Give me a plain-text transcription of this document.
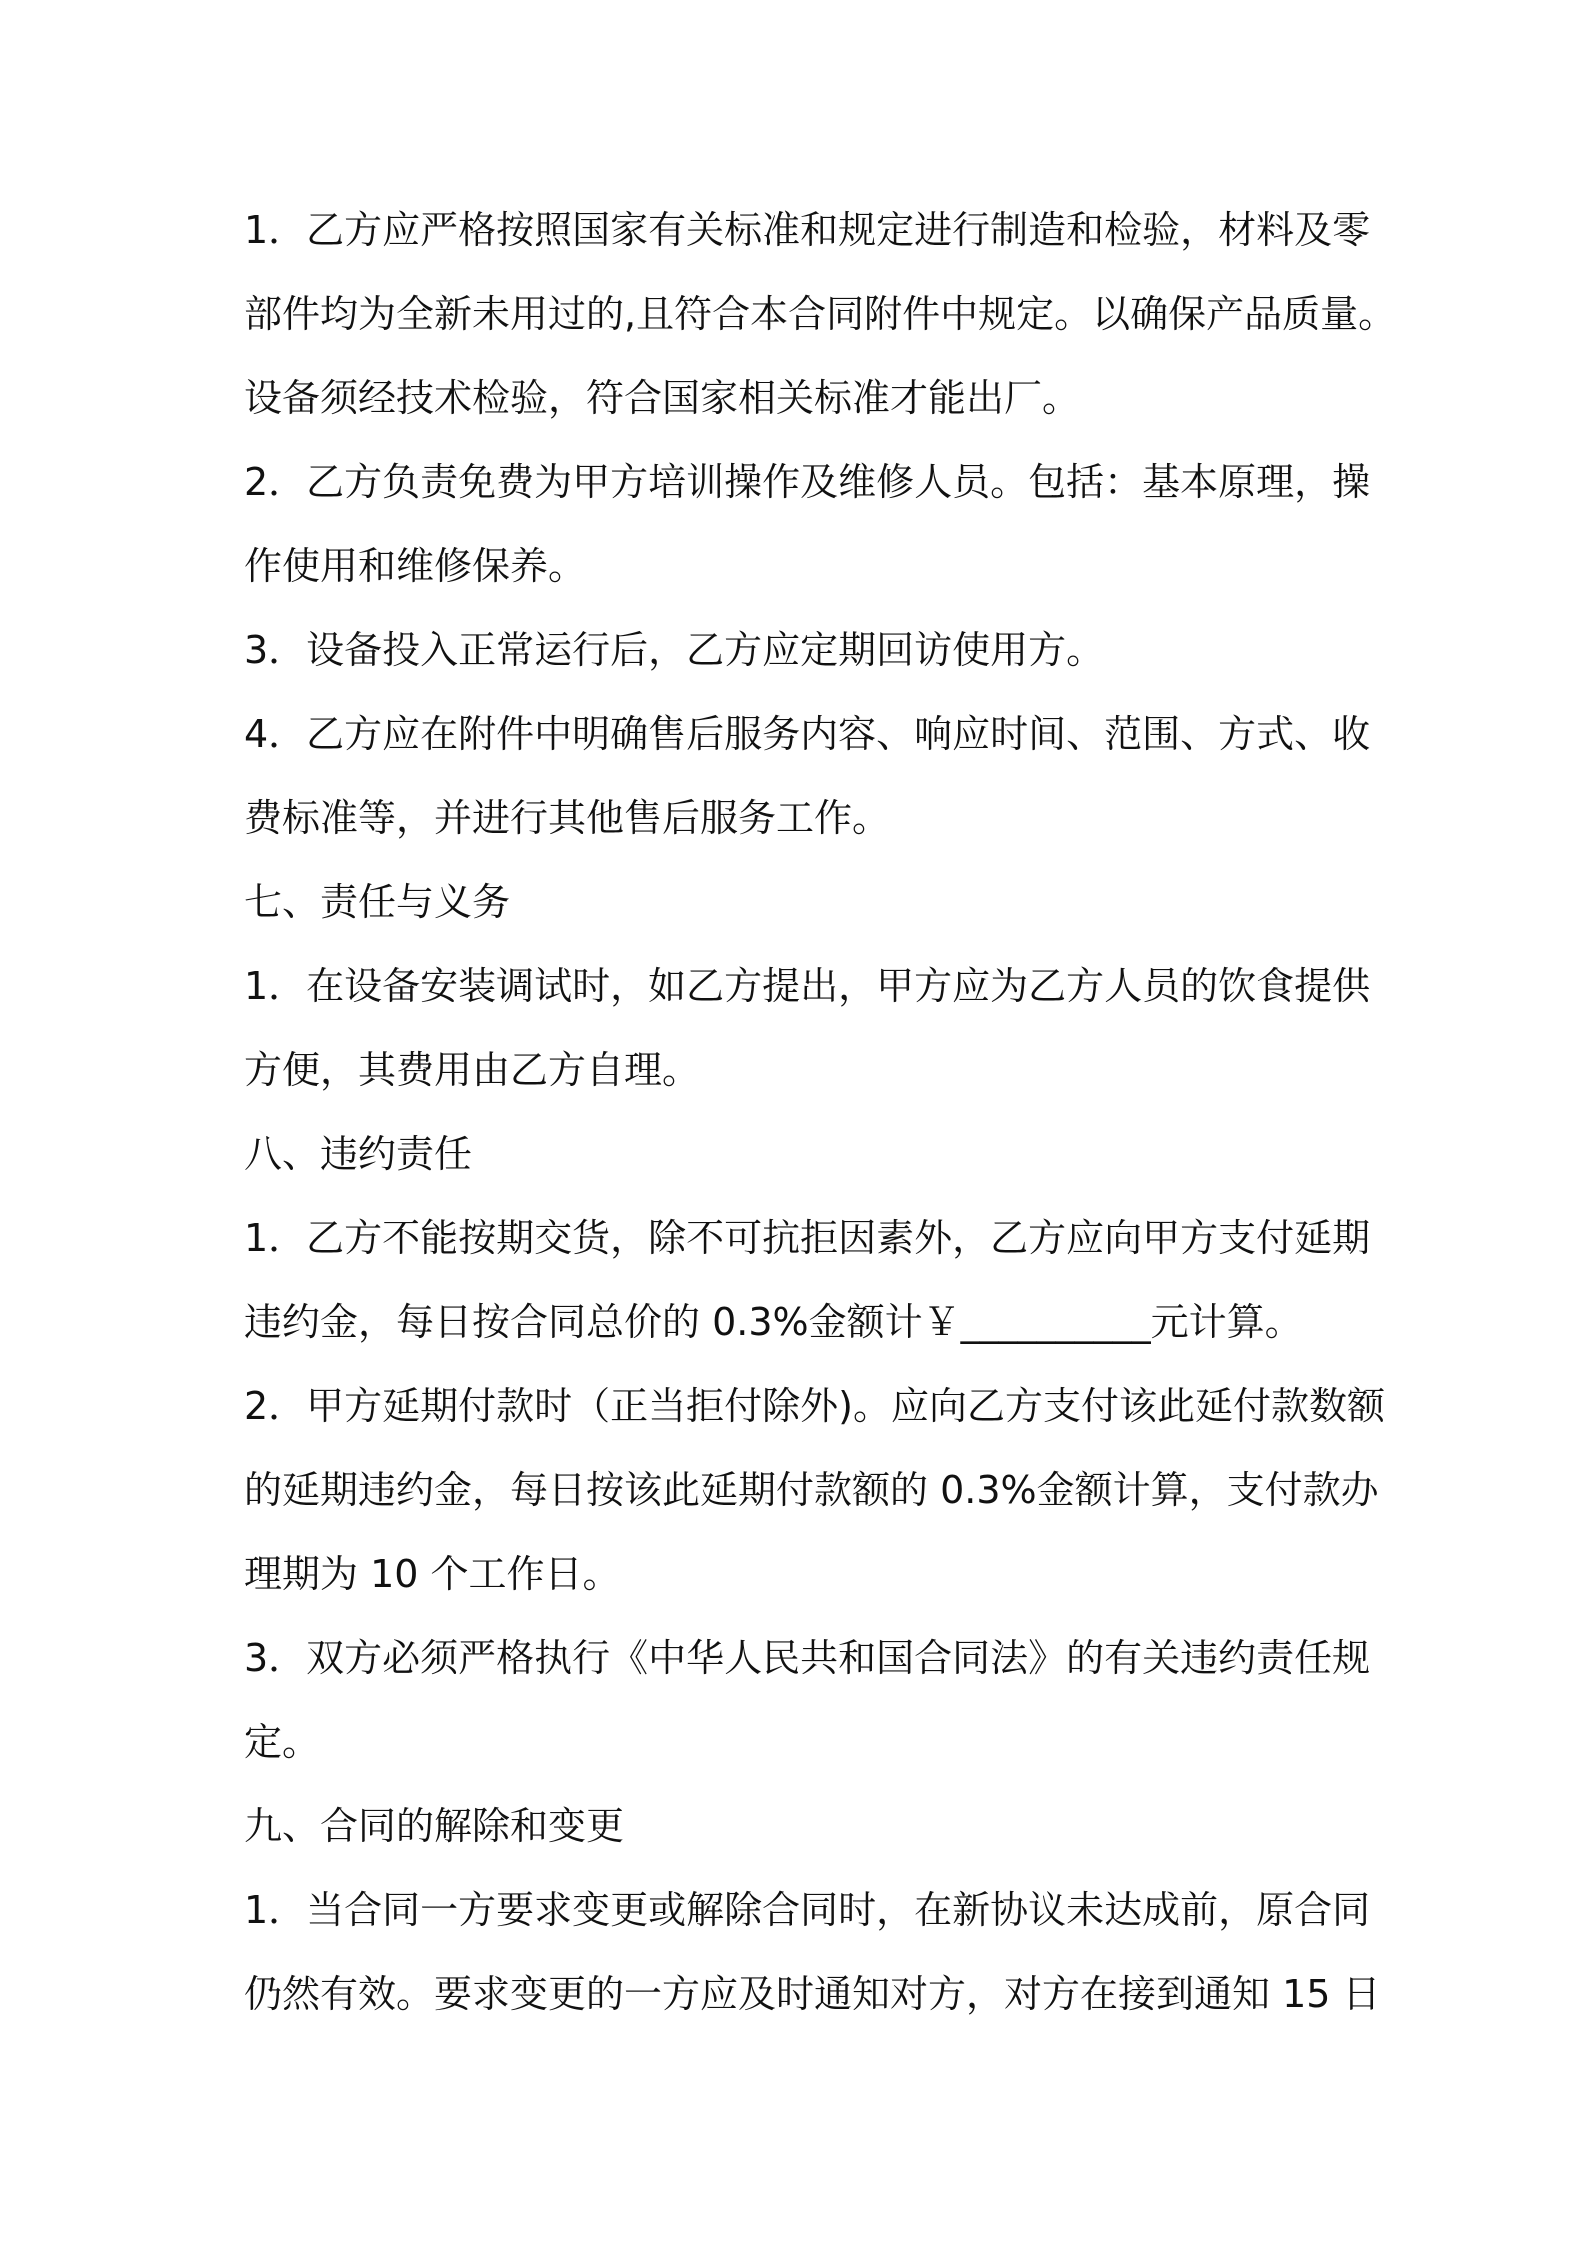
1．乙方应严格按照国家有关标准和规定进行制造和检验，材料及零
部件均为全新未用过的,且符合本合同附件中规定。以确保产品质量。
设备须经技术检验，符合国家相关标准才能出厂。
2．乙方负责免费为甲方培训操作及维修人员。包括：基本原理，操
作使用和维修保养。
3．设备投入正常运行后，乙方应定期回访使用方。
4．乙方应在附件中明确售后服务内容、响应时间、范围、方式、收
费标准等，并进行其他售后服务工作。
七、责任与义务
1．在设备安装调试时，如乙方提出，甲方应为乙方人员的饮食提供
方便，其费用由乙方自理。
八、违约责任
1．乙方不能按期交货，除不可抗拒因素外，乙方应向甲方支付延期
违约金，每日按合同总价的 0.3%金额计￥__________元计算。
2．甲方延期付款时（正当拒付除外)。应向乙方支付该此延付款数额
的延期违约金，每日按该此延期付款额的 0.3%金额计算，支付款办
理期为 10 个工作日。
3．双方必须严格执行《中华人民共和国合同法》的有关违约责任规
定。
九、合同的解除和变更
1．当合同一方要求变更或解除合同时，在新协议未达成前，原合同
仍然有效。要求变更的一方应及时通知对方，对方在接到通知 15 日
